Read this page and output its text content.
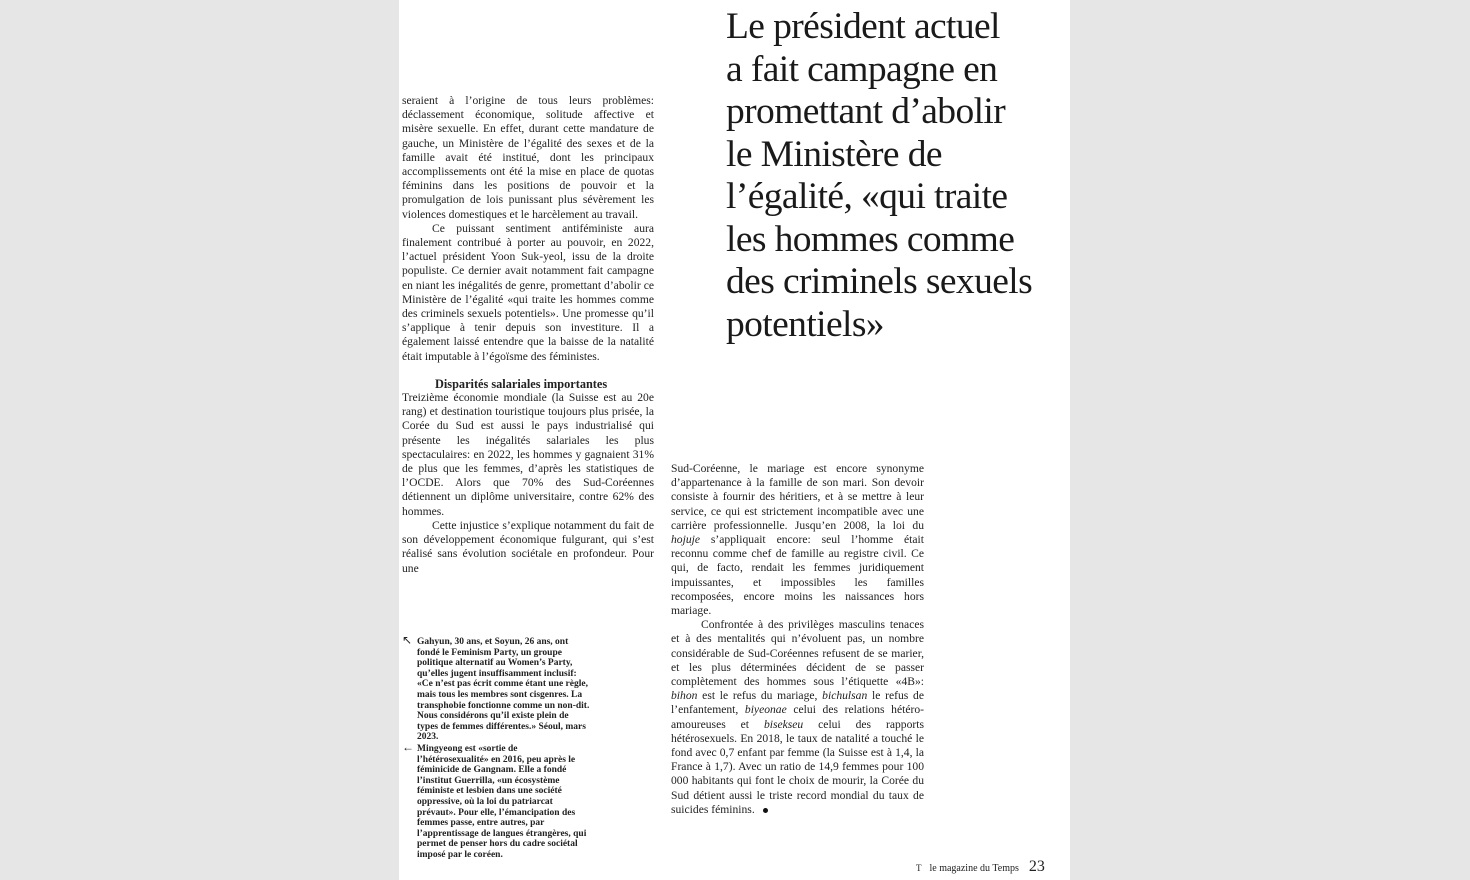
Le président actuel
a fait campagne en
promettant d’abolir
le Ministère de
l’égalité, «qui traite
les hommes comme
des criminels sexuels
potentiels»

seraient à l’origine de tous leurs problèmes: déclassement économique, solitude affective et misère sexuelle. En effet, durant cette mandature de gauche, un Ministère de l’égalité des sexes et de la famille avait été institué, dont les principaux accomplissements ont été la mise en place de quotas féminins dans les positions de pouvoir et la promulgation de lois punissant plus sévèrement les violences domestiques et le harcèlement au travail.

Ce puissant sentiment antiféministe aura finalement contribué à porter au pouvoir, en 2022, l’actuel président Yoon Suk-yeol, issu de la droite populiste. Ce dernier avait notamment fait campagne en niant les inégalités de genre, promettant d’abolir ce Ministère de l’égalité «qui traite les hommes comme des criminels sexuels potentiels». Une promesse qu’il s’applique à tenir depuis son investiture. Il a également laissé entendre que la baisse de la natalité était imputable à l’égoïsme des féministes.

Disparités salariales importantes

Treizième économie mondiale (la Suisse est au 20e rang) et destination touristique toujours plus prisée, la Corée du Sud est aussi le pays industrialisé qui présente les inégalités salariales les plus spectaculaires: en 2022, les hommes y gagnaient 31% de plus que les femmes, d’après les statistiques de l’OCDE. Alors que 70% des Sud-Coréennes détiennent un diplôme universitaire, contre 62% des hommes.

Cette injustice s’explique notamment du fait de son développement économique fulgurant, qui s’est réalisé sans évolution sociétale en profondeur. Pour une

Sud-Coréenne, le mariage est encore synonyme d’appartenance à la famille de son mari. Son devoir consiste à fournir des héritiers, et à se mettre à leur service, ce qui est strictement incompatible avec une carrière professionnelle. Jusqu’en 2008, la loi du hojuje s’appliquait encore: seul l’homme était reconnu comme chef de famille au registre civil. Ce qui, de facto, rendait les femmes juridiquement impuissantes, et impossibles les familles recomposées, encore moins les naissances hors mariage.

Confrontée à des privilèges masculins tenaces et à des mentalités qui n’évoluent pas, un nombre considérable de Sud-Coréennes refusent de se marier, et les plus déterminées décident de se passer complètement des hommes sous l’étiquette «4B»: bihon est le refus du mariage, bichulsan le refus de l’enfantement, biyeonae celui des relations hétéro-amoureuses et bisekseu celui des rapports hétérosexuels. En 2018, le taux de natalité a touché le fond avec 0,7 enfant par femme (la Suisse est à 1,4, la France à 1,7). Avec un ratio de 14,9 femmes pour 100 000 habitants qui font le choix de mourir, la Corée du Sud détient aussi le triste record mondial du taux de suicides féminins.

↖ Gahyun, 30 ans, et Soyun, 26 ans, ont fondé le Feminism Party, un groupe politique alternatif au Women’s Party, qu’elles jugent insuffisamment inclusif: «Ce n’est pas écrit comme étant une règle, mais tous les membres sont cisgenres. La transphobie fonctionne comme un non-dit. Nous considérons qu’il existe plein de types de femmes différentes.» Séoul, mars 2023.
← Mingyeong est «sortie de l’hétérosexualité» en 2016, peu après le féminicide de Gangnam. Elle a fondé l’institut Guerrilla, «un écosystème féministe et lesbien dans une société oppressive, où la loi du patriarcat prévaut». Pour elle, l’émancipation des femmes passe, entre autres, par l’apprentissage de langues étrangères, qui permet de penser hors du cadre sociétal imposé par le coréen.
T le magazine du Temps 23
